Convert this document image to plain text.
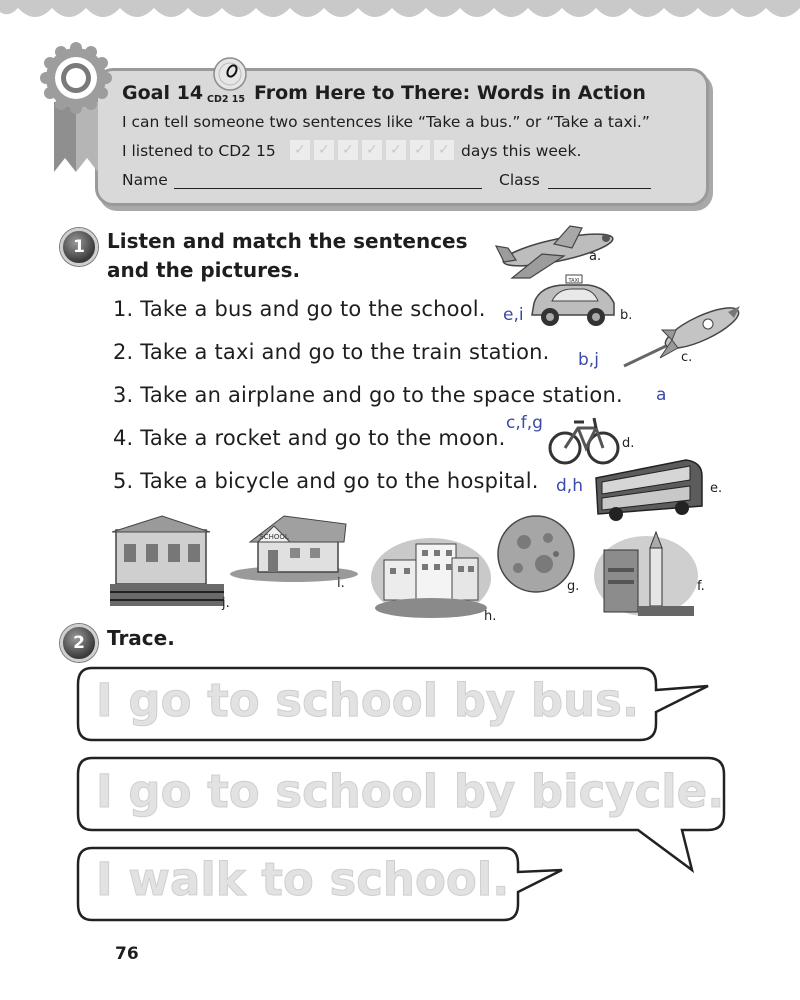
Goal 14 CD2 15 From Here to There: Words in Action
I can tell someone two sentences like “Take a bus.” or “Take a taxi.”
I listened to CD2 15	✓ ✓ ✓ ✓ ✓ ✓ ✓ days this week.
Name	Class
1	Listen and match the sentences
and the pictures.
1. Take a bus and go to the school.
2. Take a taxi and go to the train station.
3. Take an airplane and go to the space station.
4. Take a rocket and go to the moon.
5. Take a bicycle and go to the hospital.
e,i
b,j
a
c,f,g
d,h
a.
TAXI
b.
c.
d.
e.
j.
SCHOOL
i.
h.
g.	f.
2	Trace.
I go to school by bus.
I go to school by bicycle.
I walk to school.
76
